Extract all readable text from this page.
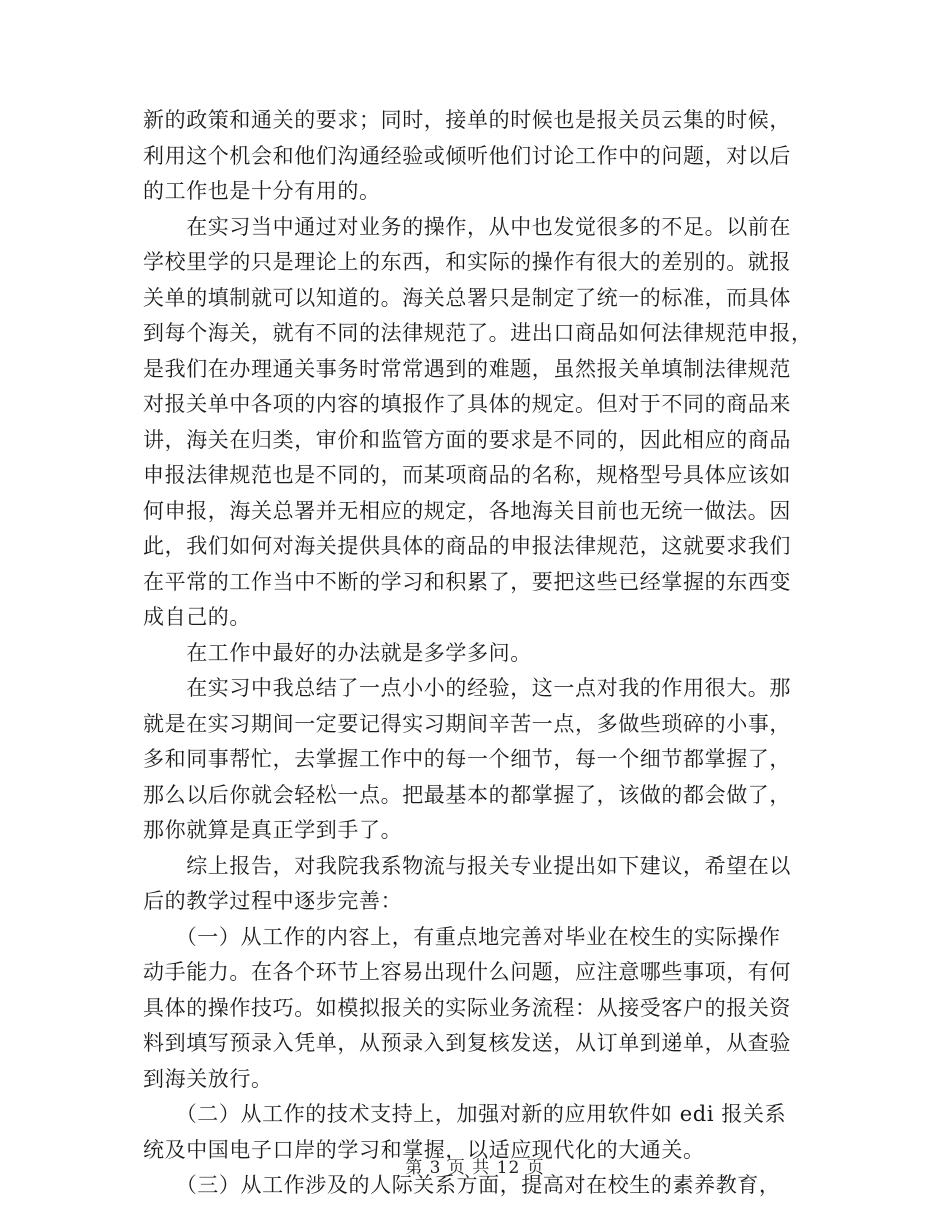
新的政策和通关的要求；同时，接单的时候也是报关员云集的时候，
利用这个机会和他们沟通经验或倾听他们讨论工作中的问题，对以后
的工作也是十分有用的。
　　在实习当中通过对业务的操作，从中也发觉很多的不足。以前在
学校里学的只是理论上的东西，和实际的操作有很大的差别的。就报
关单的填制就可以知道的。海关总署只是制定了统一的标准，而具体
到每个海关，就有不同的法律规范了。进出口商品如何法律规范申报，
是我们在办理通关事务时常常遇到的难题，虽然报关单填制法律规范
对报关单中各项的内容的填报作了具体的规定。但对于不同的商品来
讲，海关在归类，审价和监管方面的要求是不同的，因此相应的商品
申报法律规范也是不同的，而某项商品的名称，规格型号具体应该如
何申报，海关总署并无相应的规定，各地海关目前也无统一做法。因
此，我们如何对海关提供具体的商品的申报法律规范，这就要求我们
在平常的工作当中不断的学习和积累了，要把这些已经掌握的东西变
成自己的。
　　在工作中最好的办法就是多学多问。
　　在实习中我总结了一点小小的经验，这一点对我的作用很大。那
就是在实习期间一定要记得实习期间辛苦一点，多做些琐碎的小事，
多和同事帮忙，去掌握工作中的每一个细节，每一个细节都掌握了，
那么以后你就会轻松一点。把最基本的都掌握了，该做的都会做了，
那你就算是真正学到手了。
　　综上报告，对我院我系物流与报关专业提出如下建议，希望在以
后的教学过程中逐步完善：
　　（一）从工作的内容上，有重点地完善对毕业在校生的实际操作
动手能力。在各个环节上容易出现什么问题，应注意哪些事项，有何
具体的操作技巧。如模拟报关的实际业务流程：从接受客户的报关资
料到填写预录入凭单，从预录入到复核发送，从订单到递单，从查验
到海关放行。
　　（二）从工作的技术支持上，加强对新的应用软件如 edi 报关系
统及中国电子口岸的学习和掌握，以适应现代化的大通关。
　　（三）从工作涉及的人际关系方面，提高对在校生的素养教育，
第 3 页 共 12 页
